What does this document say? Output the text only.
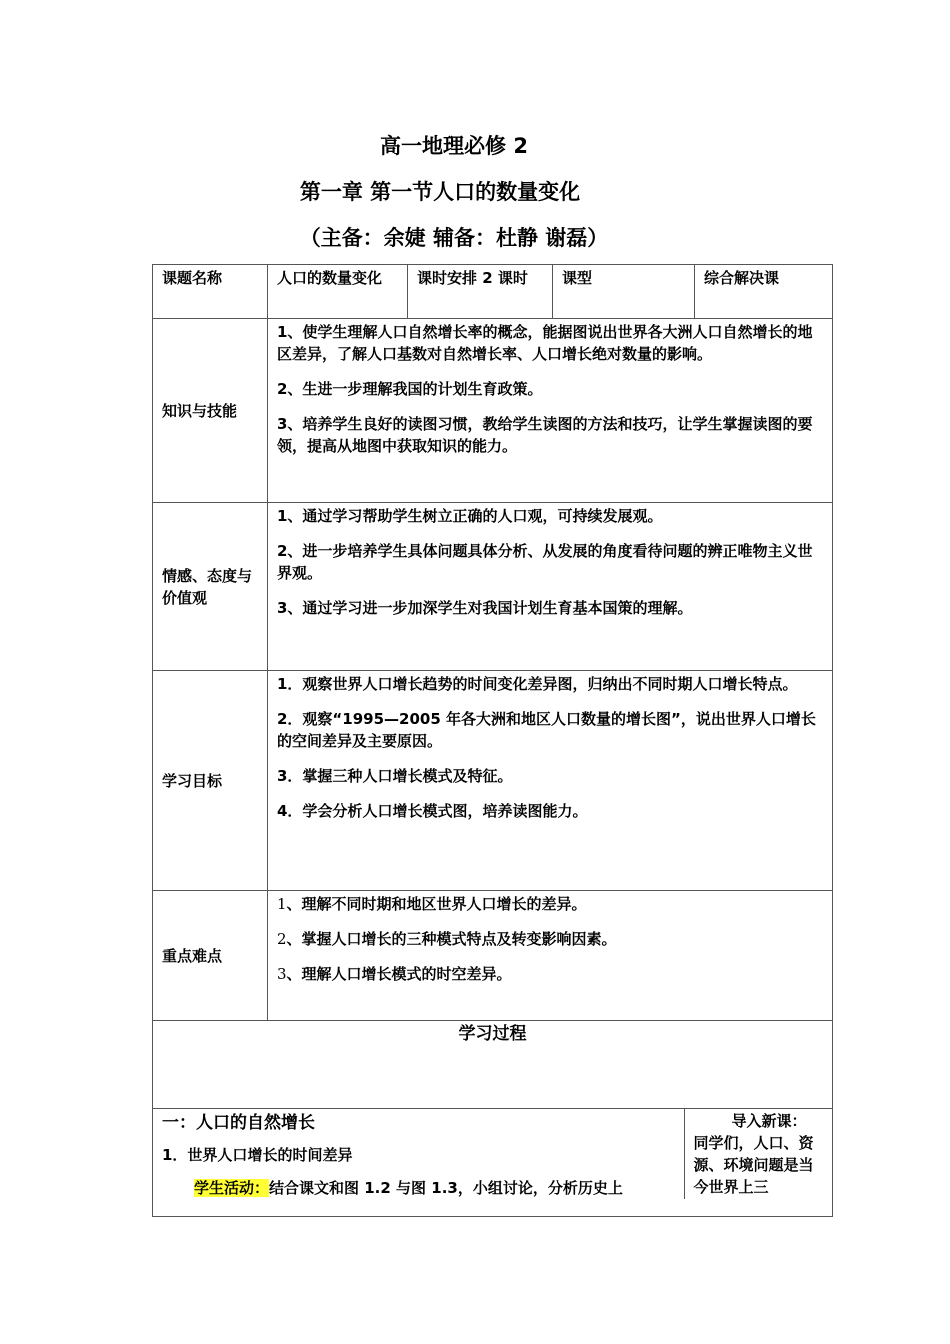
高一地理必修 2
第一章 第一节人口的数量变化
（主备：余婕 辅备：杜静 谢磊）
课题名称	人口的数量变化	课时安排 2 课时	课型	综合解决课
知识与技能	

1、使学生理解人口自然增长率的概念，能据图说出世界各大洲人口自然增长的地区差异，了解人口基数对自然增长率、人口增长绝对数量的影响。

2、生进一步理解我国的计划生育政策。

3、培养学生良好的读图习惯，教给学生读图的方法和技巧，让学生掌握读图的要领，提高从地图中获取知识的能力。

情感、态度与价值观	

1、通过学习帮助学生树立正确的人口观，可持续发展观。

2、进一步培养学生具体问题具体分析、从发展的角度看待问题的辨正唯物主义世界观。

3、通过学习进一步加深学生对我国计划生育基本国策的理解。

学习目标	

1．观察世界人口增长趋势的时间变化差异图，归纳出不同时期人口增长特点。

2．观察“1995—2005 年各大洲和地区人口数量的增长图”，说出世界人口增长的空间差异及主要原因。

3．掌握三种人口增长模式及特征。

4．学会分析人口增长模式图，培养读图能力。

重点难点	

1、理解不同时期和地区世界人口增长的差异。

2、掌握人口增长的三种模式特点及转变影响因素。

3、理解人口增长模式的时空差异。

学习过程

一：人口的自然增长
1．世界人口增长的时间差异
学生活动：结合课文和图 1.2 与图 1.3，小组讨论，分析历史上

导入新课：
同学们，人口、资源、环境问题是当今世界上三
